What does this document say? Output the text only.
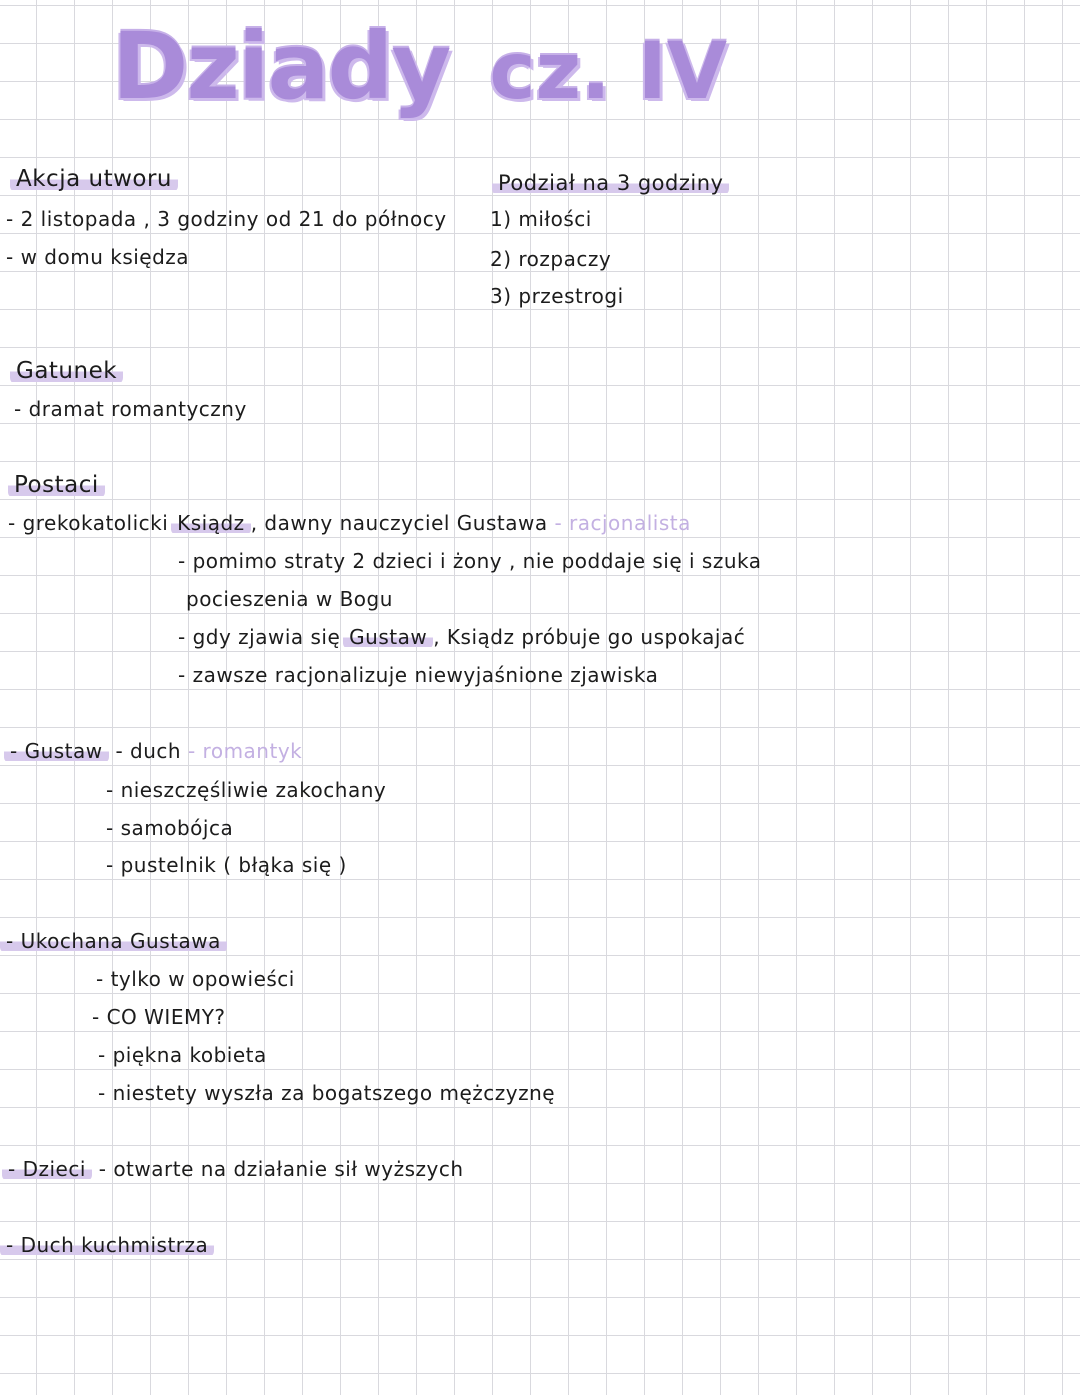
Dziady cz. IV
Akcja utworu
- 2 listopada , 3 godziny od 21 do północy
- w domu księdza
Podział na 3 godziny
1) miłości
2) rozpaczy
3) przestrogi
Gatunek
- dramat romantyczny
Postaci
- grekokatolicki Ksiądz , dawny nauczyciel Gustawa - racjonalista
- pomimo straty 2 dzieci i żony , nie poddaje się i szuka
pocieszenia w Bogu
- gdy zjawia się Gustaw , Ksiądz próbuje go uspokajać
- zawsze racjonalizuje niewyjaśnione zjawiska
- Gustaw - duch - romantyk
- nieszczęśliwie zakochany
- samobójca
- pustelnik ( błąka się )
- Ukochana Gustawa
- tylko w opowieści
- CO WIEMY?
- piękna kobieta
- niestety wyszła za bogatszego mężczyznę
- Dzieci - otwarte na działanie sił wyższych
- Duch kuchmistrza
